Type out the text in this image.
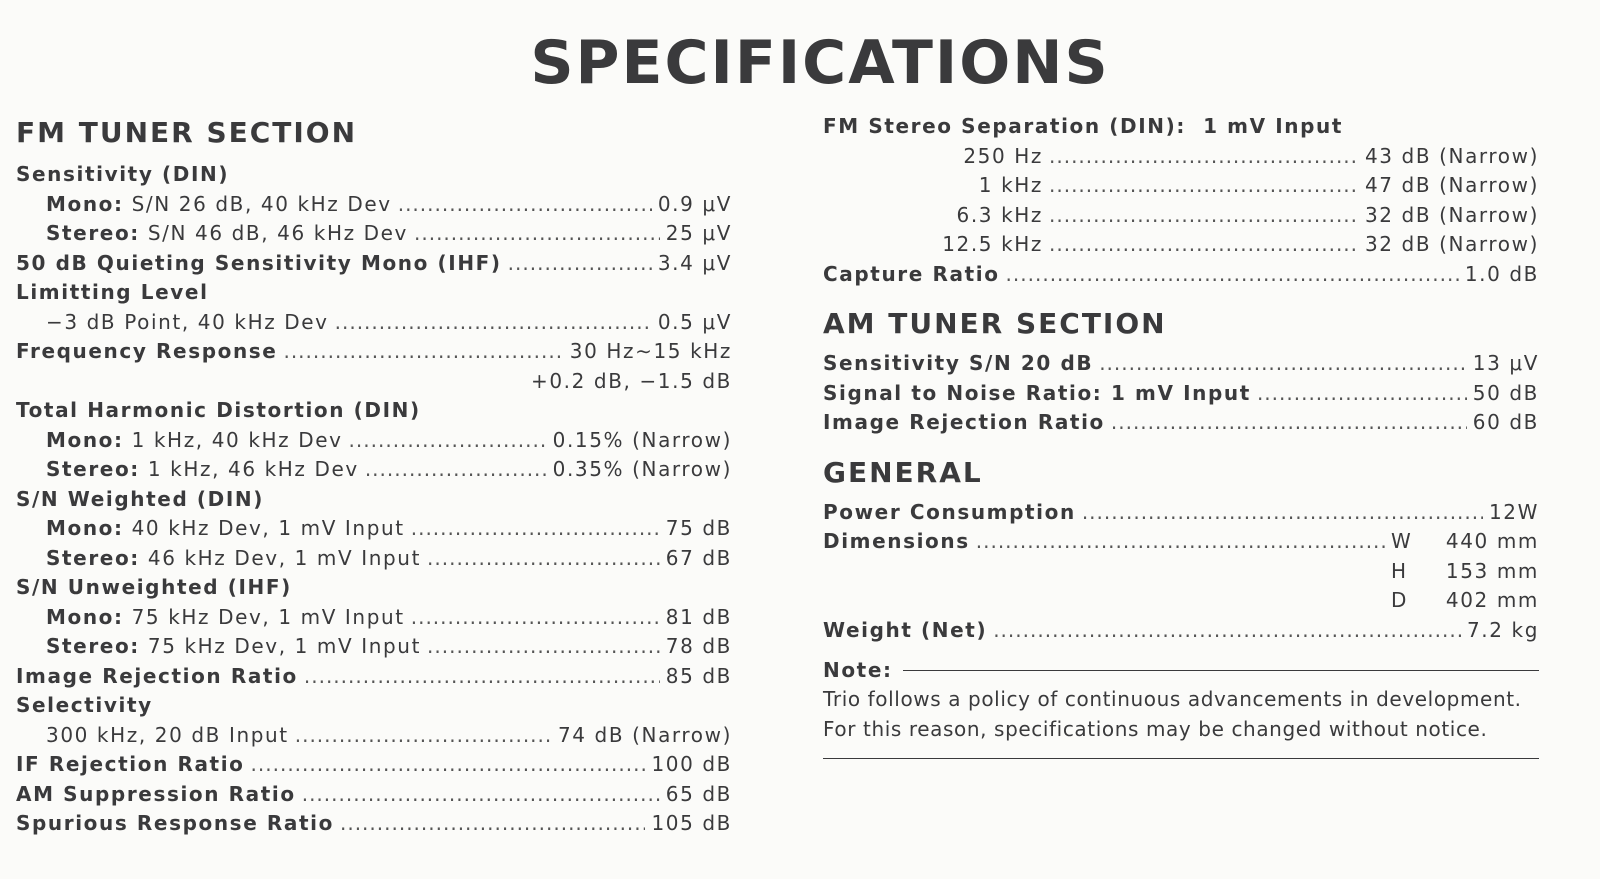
SPECIFICATIONS
FM TUNER SECTION
Sensitivity (DIN)
Mono: S/N 26 dB, 40 kHz Dev .....	0.9 μV
Stereo: S/N 46 dB, 46 kHz Dev .....	25 μV
50 dB Quieting Sensitivity Mono (IHF) .....	3.4 μV
Limitting Level
−3 dB Point, 40 kHz Dev .....	0.5 μV
Frequency Response .....	30 Hz∼15 kHz
+0.2 dB, −1.5 dB
Total Harmonic Distortion (DIN)
Mono: 1 kHz, 40 kHz Dev .....	0.15% (Narrow)
Stereo: 1 kHz, 46 kHz Dev .....	0.35% (Narrow)
S/N Weighted (DIN)
Mono: 40 kHz Dev, 1 mV Input .....	75 dB
Stereo: 46 kHz Dev, 1 mV Input .....	67 dB
S/N Unweighted (IHF)
Mono: 75 kHz Dev, 1 mV Input .....	81 dB
Stereo: 75 kHz Dev, 1 mV Input .....	78 dB
Image Rejection Ratio .....	85 dB
Selectivity
300 kHz, 20 dB Input .....	74 dB (Narrow)
IF Rejection Ratio .....	100 dB
AM Suppression Ratio .....	65 dB
Spurious Response Ratio .....	105 dB
FM Stereo Separation (DIN):
1 mV Input
250 Hz .....	43 dB (Narrow)
1 kHz .....	47 dB (Narrow)
6.3 kHz .....	32 dB (Narrow)
12.5 kHz .....	32 dB (Narrow)
Capture Ratio .....	1.0 dB
AM TUNER SECTION
Sensitivity S/N 20 dB .....	13 μV
Signal to Noise Ratio: 1 mV Input .....	50 dB
Image Rejection Ratio .....	60 dB
GENERAL
Power Consumption .....	12W
Dimensions .....	W 440 mm
H 153 mm
D 402 mm
Weight (Net) .....	7.2 kg
Note:
Trio follows a policy of continuous advancements in development.
For this reason, specifications may be changed without notice.
